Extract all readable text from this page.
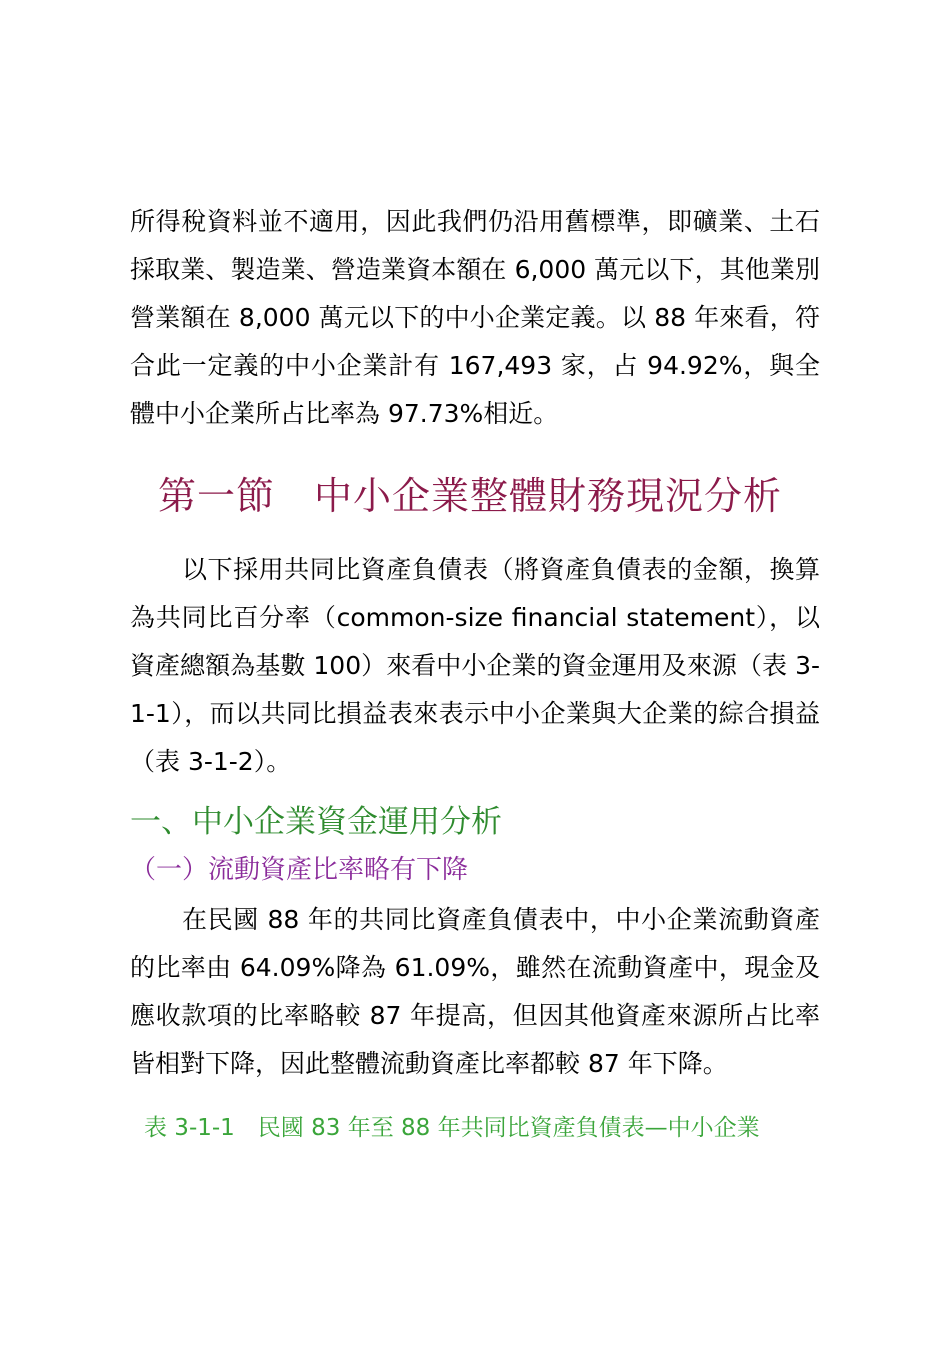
所得稅資料並不適用，因此我們仍沿用舊標準，即礦業、土石採取業、製造業、營造業資本額在 6,000 萬元以下，其他業別營業額在 8,000 萬元以下的中小企業定義。以 88 年來看，符合此一定義的中小企業計有 167,493 家，占 94.92%，與全體中小企業所占比率為 97.73%相近。

第一節　中小企業整體財務現況分析

以下採用共同比資產負債表（將資產負債表的金額，換算為共同比百分率（common-size financial statement），以資產總額為基數 100）來看中小企業的資金運用及來源（表 3-1-1），而以共同比損益表來表示中小企業與大企業的綜合損益（表 3-1-2）。

一、中小企業資金運用分析
（一）流動資產比率略有下降

在民國 88 年的共同比資產負債表中，中小企業流動資產的比率由 64.09%降為 61.09%，雖然在流動資產中，現金及應收款項的比率略較 87 年提高，但因其他資產來源所占比率皆相對下降，因此整體流動資產比率都較 87 年下降。

表 3-1-1　民國 83 年至 88 年共同比資產負債表—中小企業
